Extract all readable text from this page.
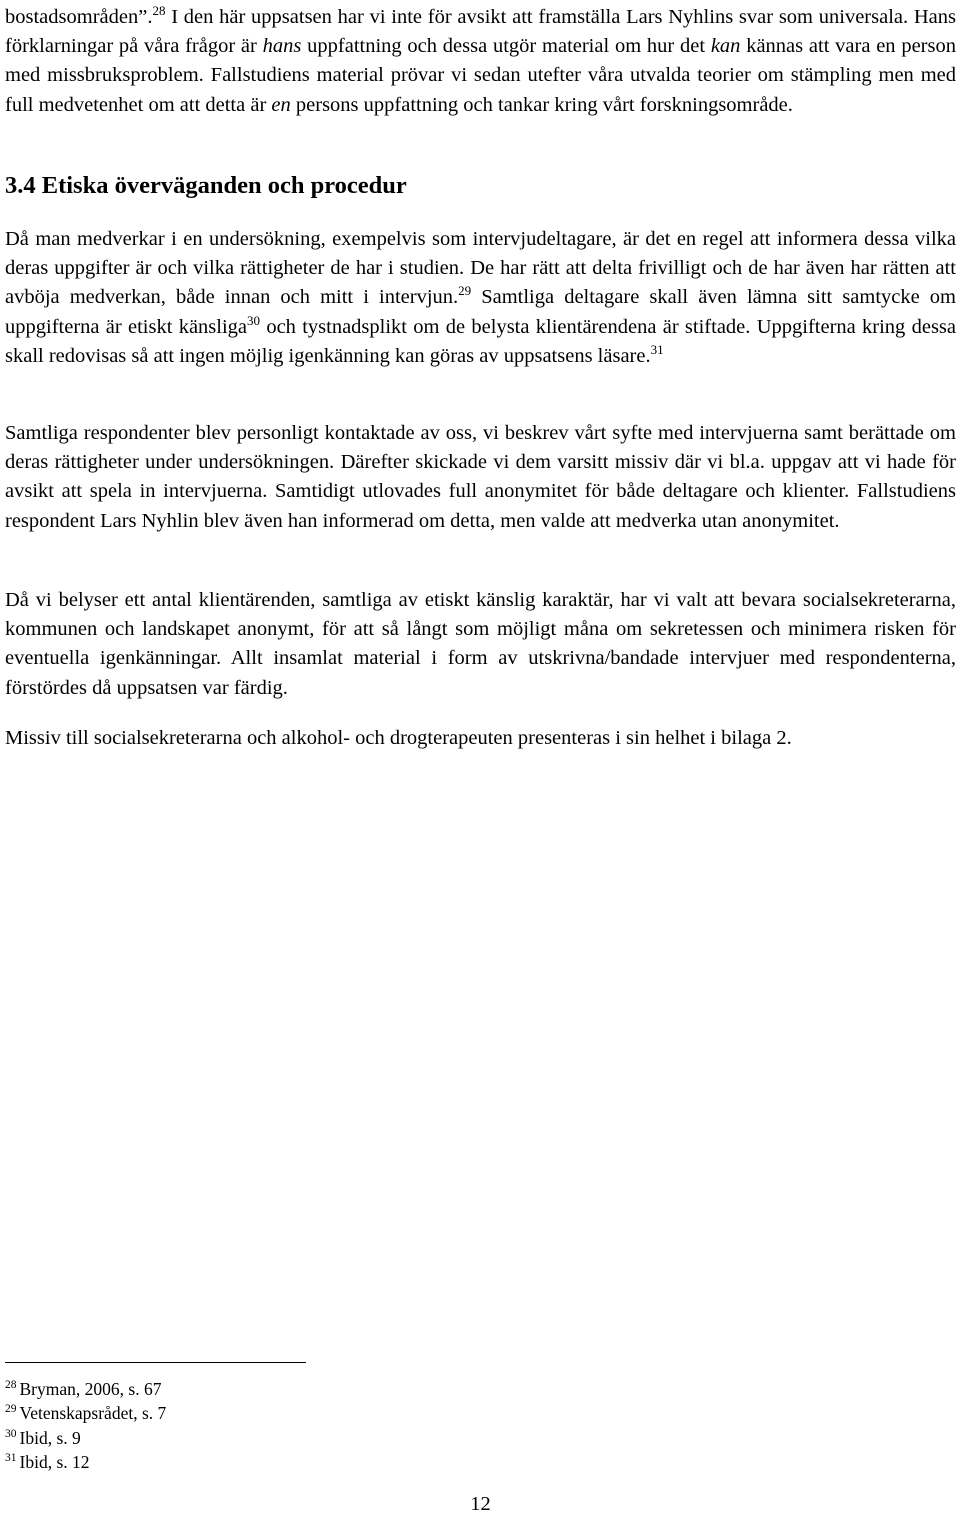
bostadsområden”.$^{28}$ I den här uppsatsen har vi inte för avsikt att framställa Lars Nyhlins svar som universala. Hans förklarningar på våra frågor är hans uppfattning och dessa utgör material om hur det kan kännas att vara en person med missbruksproblem. Fallstudiens material prövar vi sedan utefter våra utvalda teorier om stämpling men med full medvetenhet om att detta är en persons uppfattning och tankar kring vårt forskningsområde.

3.4 Etiska överväganden och procedur

Då man medverkar i en undersökning, exempelvis som intervjudeltagare, är det en regel att informera dessa vilka deras uppgifter är och vilka rättigheter de har i studien. De har rätt att delta frivilligt och de har även har rätten att avböja medverkan, både innan och mitt i intervjun.$^{29}$ Samtliga deltagare skall även lämna sitt samtycke om uppgifterna är etiskt känsliga$^{30}$ och tystnadsplikt om de belysta klientärendena är stiftade. Uppgifterna kring dessa skall redovisas så att ingen möjlig igenkänning kan göras av uppsatsens läsare.$^{31}$

Samtliga respondenter blev personligt kontaktade av oss, vi beskrev vårt syfte med intervjuerna samt berättade om deras rättigheter under undersökningen. Därefter skickade vi dem varsitt missiv där vi bl.a. uppgav att vi hade för avsikt att spela in intervjuerna. Samtidigt utlovades full anonymitet för både deltagare och klienter. Fallstudiens respondent Lars Nyhlin blev även han informerad om detta, men valde att medverka utan anonymitet.

Då vi belyser ett antal klientärenden, samtliga av etiskt känslig karaktär, har vi valt att bevara socialsekreterarna, kommunen och landskapet anonymt, för att så långt som möjligt måna om sekretessen och minimera risken för eventuella igenkänningar. Allt insamlat material i form av utskrivna/bandade intervjuer med respondenterna, förstördes då uppsatsen var färdig.

Missiv till socialsekreterarna och alkohol- och drogterapeuten presenteras i sin helhet i bilaga 2.

$^{28}$ Bryman, 2006, s. 67

$^{29}$ Vetenskapsrådet, s. 7

$^{30}$ Ibid, s. 9

$^{31}$ Ibid, s. 12

12
